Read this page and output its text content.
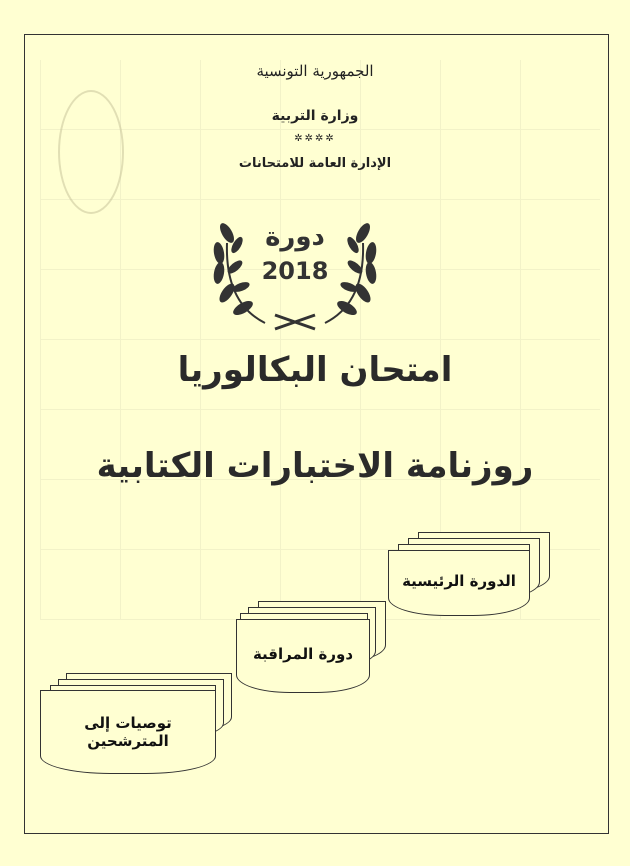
الجمهورية التونسية
وزارة التربية
✲✲✲✲
الإدارة العامة للامتحانات
دورة
2018
امتحان البكالوريا
روزنامة الاختبارات الكتابية
الدورة الرئيسية
دورة المراقبة
توصيات إلى المترشحين
